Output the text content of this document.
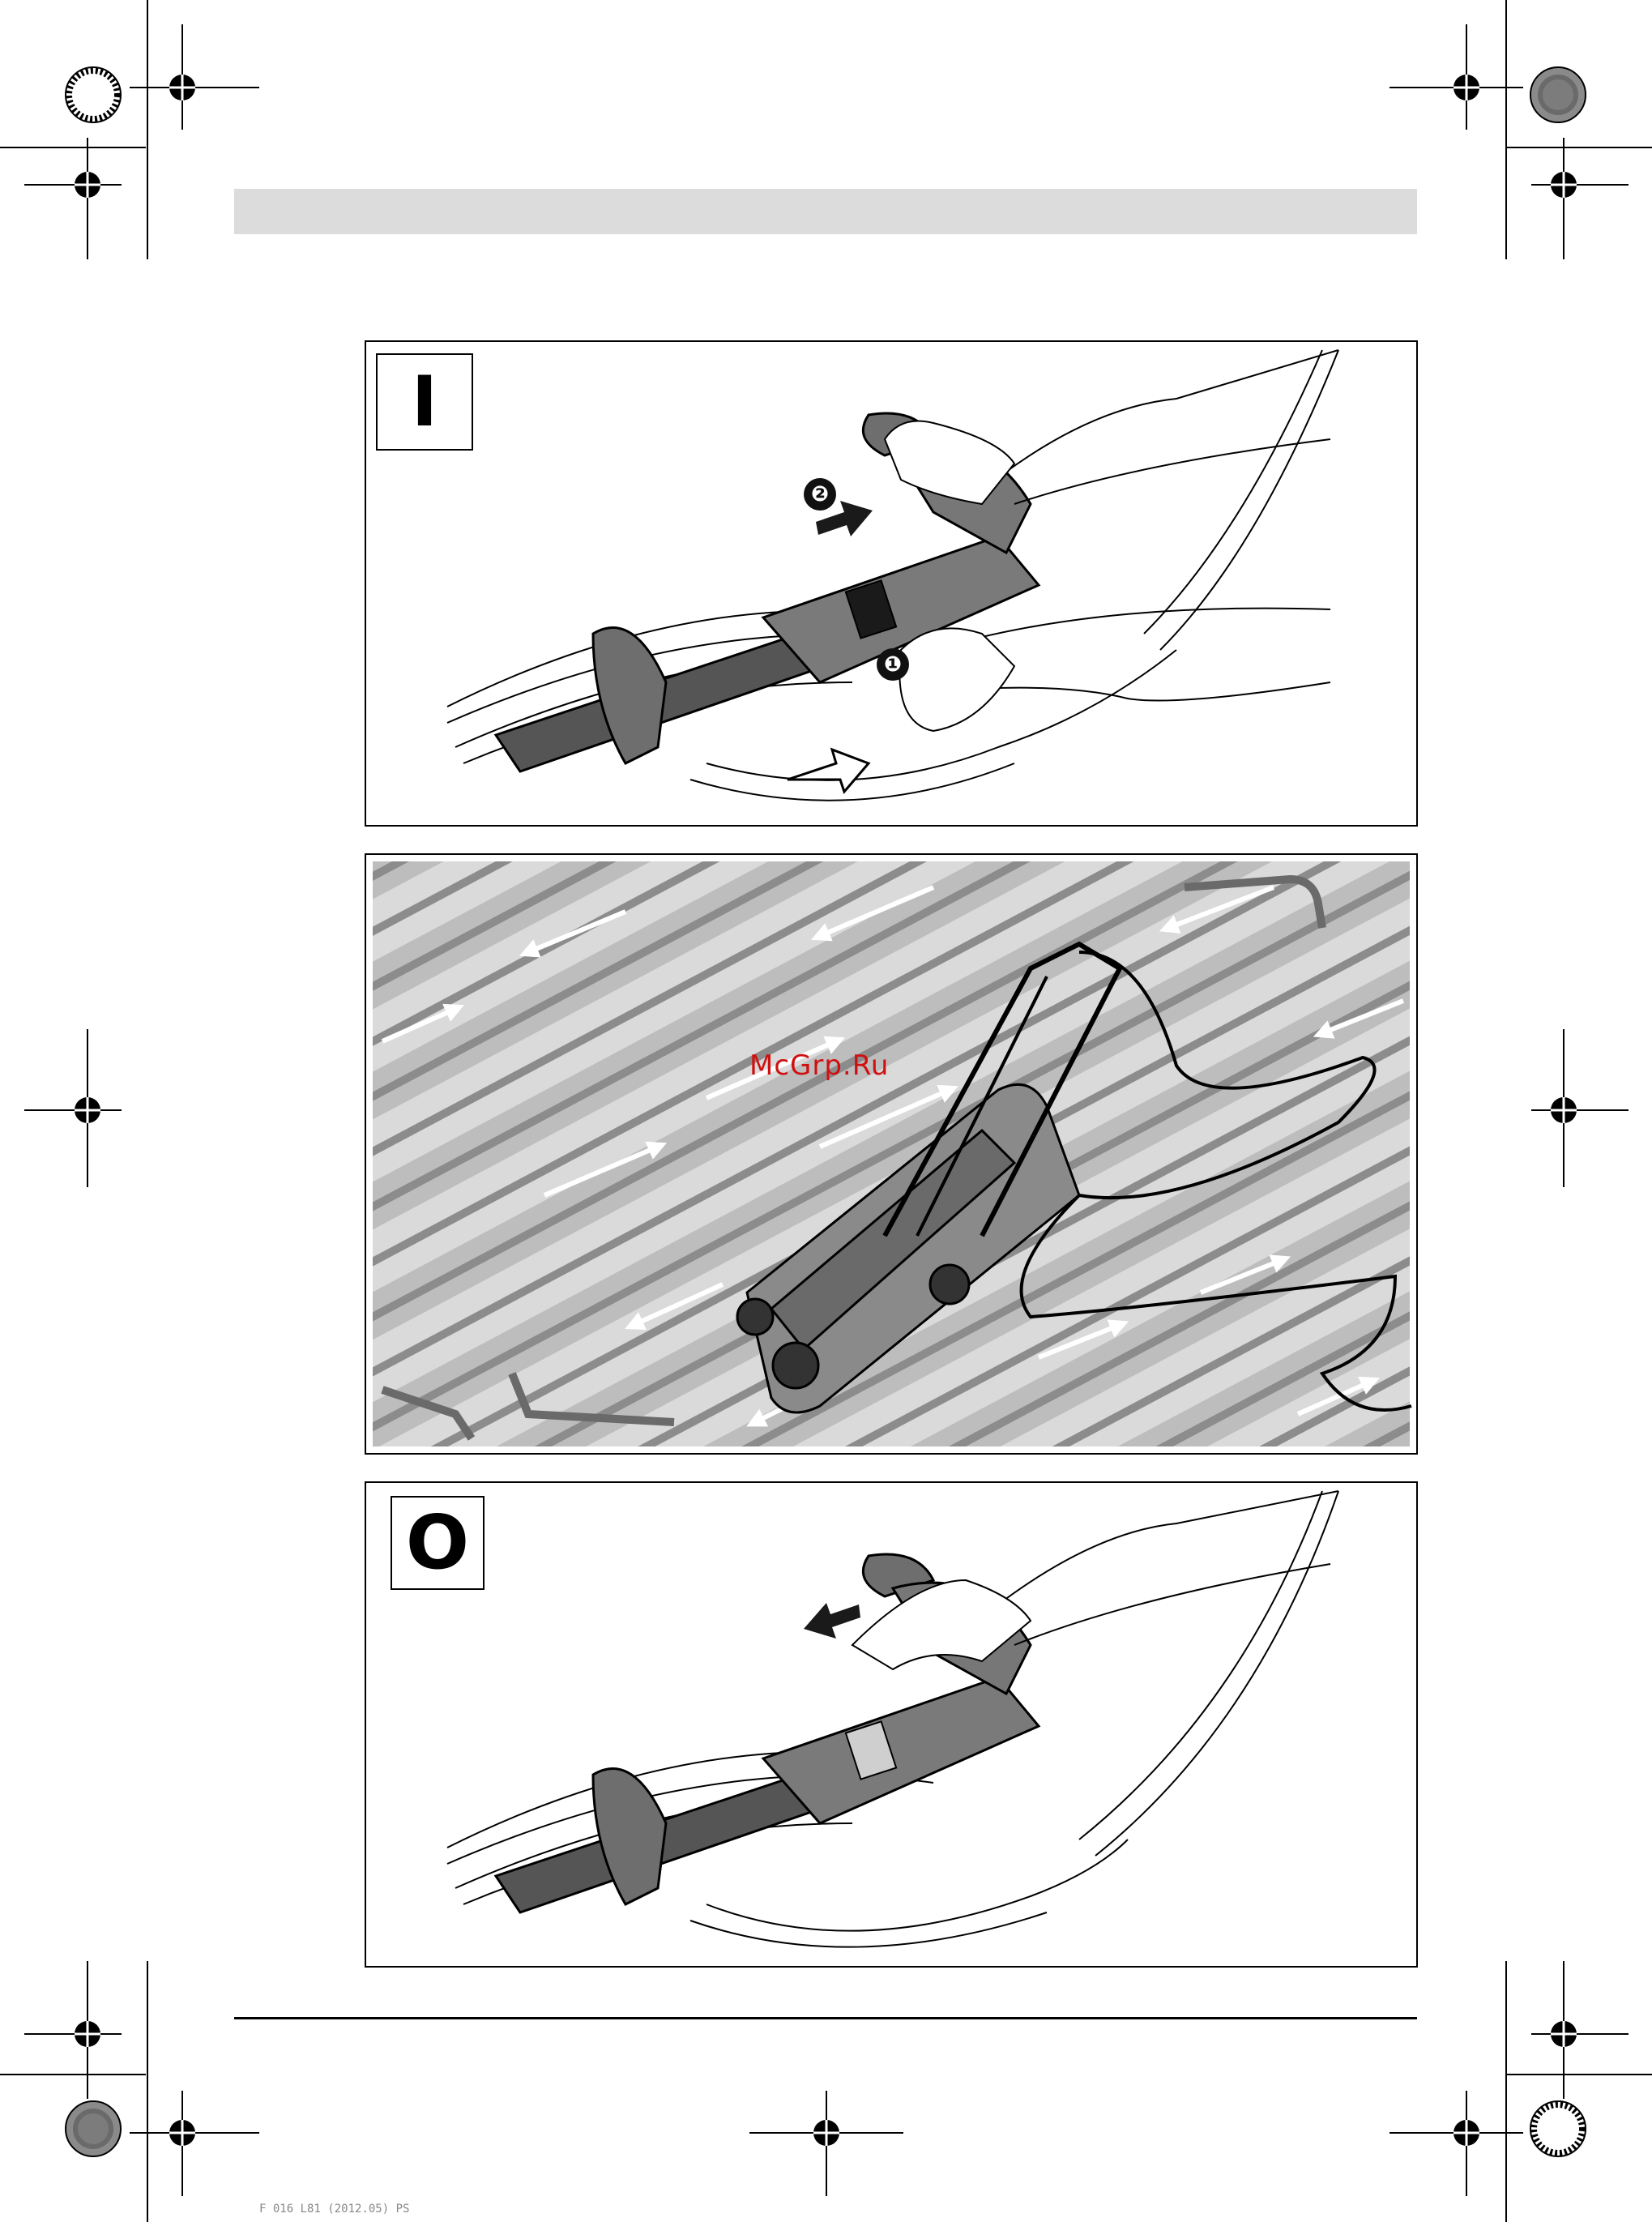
I
❶
❷
McGrp.Ru
O
F 016 L81 (2012.05) PS
